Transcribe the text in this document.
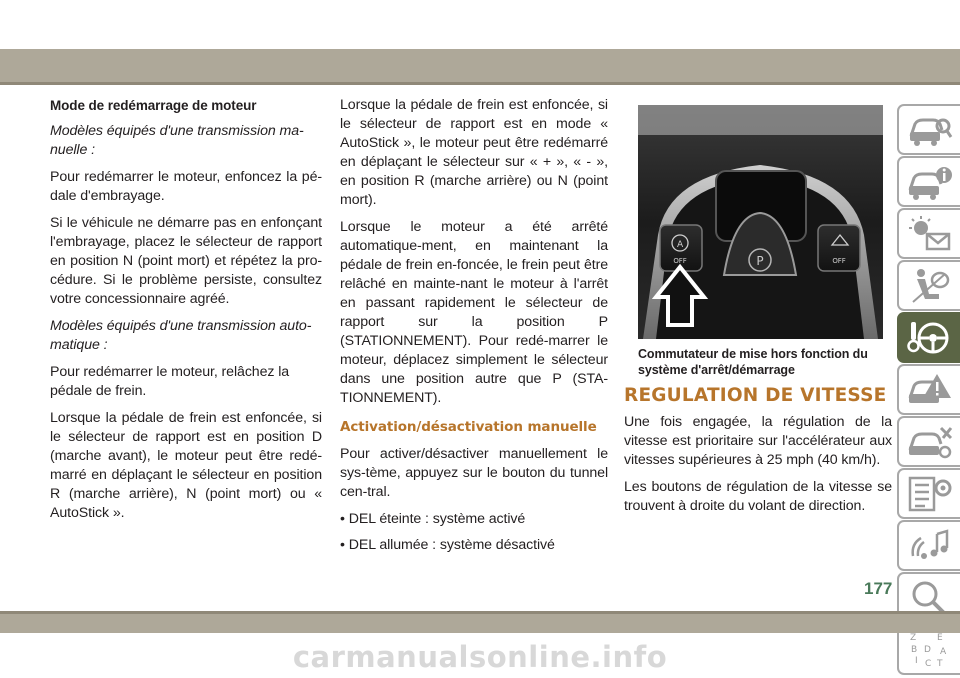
Mode de redémarrage de moteur

Modèles équipés d'une transmission ma-nuelle :

Pour redémarrer le moteur, enfoncez la pé-dale d'embrayage.

Si le véhicule ne démarre pas en enfonçant l'embrayage, placez le sélecteur de rapport en position N (point mort) et répétez la pro-cédure. Si le problème persiste, consultez votre concessionnaire agréé.

Modèles équipés d'une transmission auto-matique :

Pour redémarrer le moteur, relâchez la pédale de frein.

Lorsque la pédale de frein est enfoncée, si le sélecteur de rapport est en position D (marche avant), le moteur peut être redé-marré en déplaçant le sélecteur en position R (marche arrière), N (point mort) ou « AutoStick ».

Lorsque la pédale de frein est enfoncée, si le sélecteur de rapport est en mode « AutoStick », le moteur peut être redémarré en déplaçant le sélecteur sur « + », « - », en position R (marche arrière) ou N (point mort).

Lorsque le moteur a été arrêté automatique-ment, en maintenant la pédale de frein en-foncée, le frein peut être relâché en mainte-nant le moteur à l'arrêt en passant rapidement le sélecteur de rapport sur la position P (STATIONNEMENT). Pour redé-marrer le moteur, déplacez simplement le sélecteur dans une position autre que P (STA-TIONNEMENT).

Activation/désactivation manuelle

Pour activer/désactiver manuellement le sys-tème, appuyez sur le bouton du tunnel cen-tral.

• DEL éteinte : système activé

• DEL allumée : système désactivé

P
A
OFF	OFF

Commutateur de mise hors fonction du
système d'arrêt/démarrage

REGULATION DE VITESSE

Une fois engagée, la régulation de la vitesse est prioritaire sur l'accélérateur aux vitesses supérieures à 25 mph (40 km/h).

Les boutons de régulation de la vitesse se trouvent à droite du volant de direction.

Z E
B	A
D
I C T
177
carmanualsonline.info
